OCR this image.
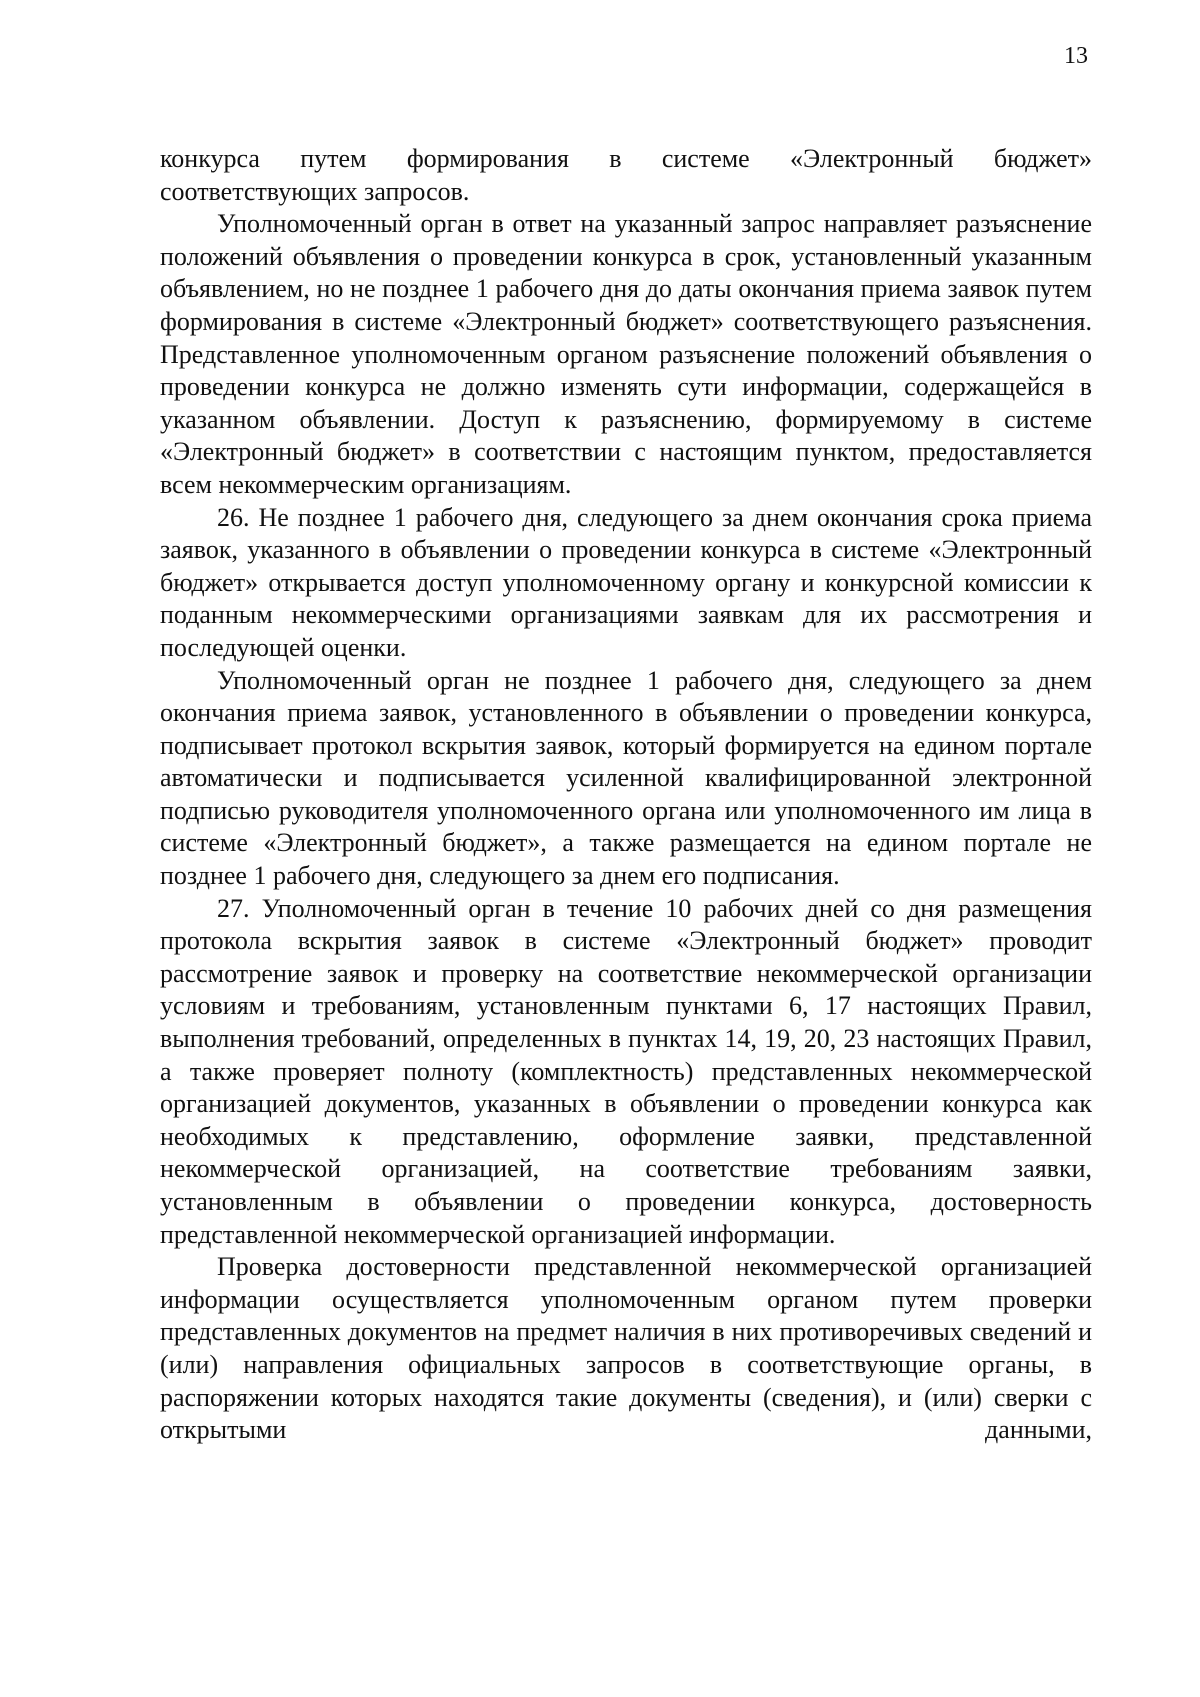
13

конкурса путем формирования в системе «Электронный бюджет» соответствующих запросов.

Уполномоченный орган в ответ на указанный запрос направляет разъяснение положений объявления о проведении конкурса в срок, установленный указанным объявлением, но не позднее 1 рабочего дня до даты окончания приема заявок путем формирования в системе «Электронный бюджет» соответствующего разъяснения. Представленное уполномоченным органом разъяснение положений объявления о проведении конкурса не должно изменять сути информации, содержащейся в указанном объявлении. Доступ к разъяснению, формируемому в системе «Электронный бюджет» в соответствии с настоящим пунктом, предоставляется всем некоммерческим организациям.

26. Не позднее 1 рабочего дня, следующего за днем окончания срока приема заявок, указанного в объявлении о проведении конкурса в системе «Электронный бюджет» открывается доступ уполномоченному органу и конкурсной комиссии к поданным некоммерческими организациями заявкам для их рассмотрения и последующей оценки.

Уполномоченный орган не позднее 1 рабочего дня, следующего за днем окончания приема заявок, установленного в объявлении о проведении конкурса, подписывает протокол вскрытия заявок, который формируется на едином портале автоматически и подписывается усиленной квалифицированной электронной подписью руководителя уполномоченного органа или уполномоченного им лица в системе «Электронный бюджет», а также размещается на едином портале не позднее 1 рабочего дня, следующего за днем его подписания.

27. Уполномоченный орган в течение 10 рабочих дней со дня размещения протокола вскрытия заявок в системе «Электронный бюджет» проводит рассмотрение заявок и проверку на соответствие некоммерческой организации условиям и требованиям, установленным пунктами 6, 17 настоящих Правил, выполнения требований, определенных в пунктах 14, 19, 20, 23 настоящих Правил, а также проверяет полноту (комплектность) представленных некоммерческой организацией документов, указанных в объявлении о проведении конкурса как необходимых к представлению, оформление заявки, представленной некоммерческой организацией, на соответствие требованиям заявки, установленным в объявлении о проведении конкурса, достоверность представленной некоммерческой организацией информации.

Проверка достоверности представленной некоммерческой организацией информации осуществляется уполномоченным органом путем проверки представленных документов на предмет наличия в них противоречивых сведений и (или) направления официальных запросов в соответствующие органы, в распоряжении которых находятся такие документы (сведения), и (или) сверки с открытыми данными,
